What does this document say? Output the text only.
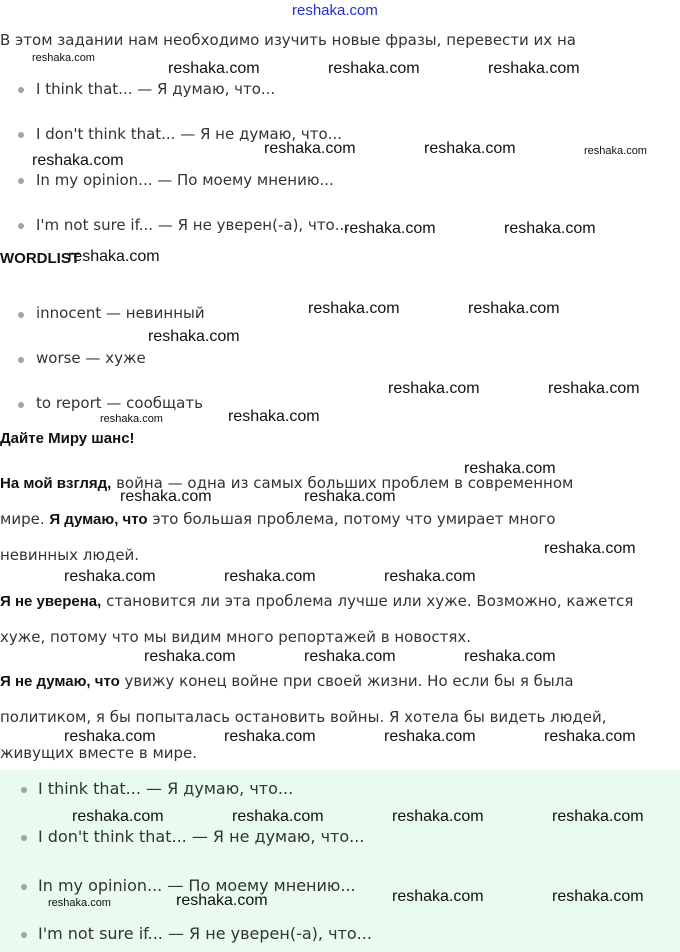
reshaka.com
В этом задании нам необходимо изучить новые фразы, перевести их на
I think that... — Я думаю, что...
I don't think that... — Я не думаю, что...
In my opinion... — По моему мнению...
I'm not sure if... — Я не уверен(-а), что...
WORDLIST
innocent — невинный
worse — хуже
to report — сообщать
Дайте Миру шанс!
На мой взгляд, война — одна из самых больших проблем в современном
мире. Я думаю, что это большая проблема, потому что умирает много
невинных людей.
Я не уверена, становится ли эта проблема лучше или хуже. Возможно, кажется
хуже, потому что мы видим много репортажей в новостях.
Я не думаю, что увижу конец войне при своей жизни. Но если бы я была
политиком, я бы попыталась остановить войны. Я хотела бы видеть людей,
живущих вместе в мире.
I think that... — Я думаю, что...
I don't think that... — Я не думаю, что...
In my opinion... — По моему мнению...
I'm not sure if... — Я не уверен(-а), что...
reshaka.com
reshaka.com	reshaka.com	reshaka.com
reshaka.com
reshaka.com	reshaka.com	reshaka.com
reshaka.com	reshaka.com
reshaka.com
reshaka.com	reshaka.com
reshaka.com
reshaka.com	reshaka.com
reshaka.com
reshaka.com
reshaka.com
reshaka.com	reshaka.com
reshaka.com
reshaka.com	reshaka.com	reshaka.com
reshaka.com	reshaka.com	reshaka.com
reshaka.com	reshaka.com	reshaka.com	reshaka.com
reshaka.com	reshaka.com	reshaka.com	reshaka.com
reshaka.com	reshaka.com	reshaka.com	reshaka.com
